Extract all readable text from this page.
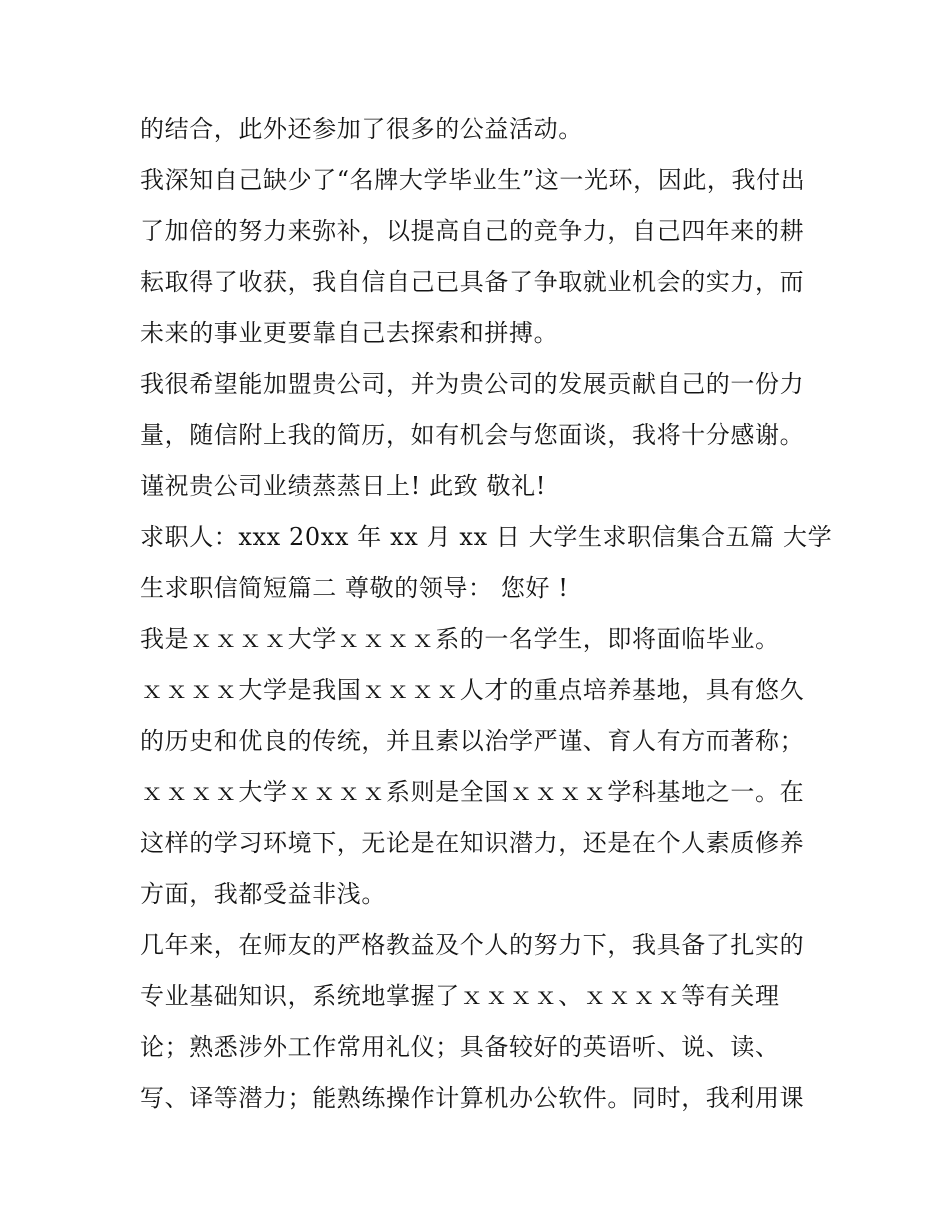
的结合，此外还参加了很多的公益活动。
我深知自己缺少了“名牌大学毕业生”这一光环，因此，我付出
了加倍的努力来弥补，以提高自己的竞争力，自己四年来的耕
耘取得了收获，我自信自己已具备了争取就业机会的实力，而
未来的事业更要靠自己去探索和拼搏。
我很希望能加盟贵公司，并为贵公司的发展贡献自己的一份力
量，随信附上我的简历，如有机会与您面谈，我将十分感谢。
谨祝贵公司业绩蒸蒸日上! 此致 敬礼!
求职人：xxx 20xx 年 xx 月 xx 日 大学生求职信集合五篇 大学
生求职信简短篇二 尊敬的领导： 您好 !
我是ｘｘｘｘ大学ｘｘｘｘ系的一名学生，即将面临毕业。
ｘｘｘｘ大学是我国ｘｘｘｘ人才的重点培养基地，具有悠久
的历史和优良的传统，并且素以治学严谨、育人有方而著称；
ｘｘｘｘ大学ｘｘｘｘ系则是全国ｘｘｘｘ学科基地之一。在
这样的学习环境下，无论是在知识潜力，还是在个人素质修养
方面，我都受益非浅。
几年来，在师友的严格教益及个人的努力下，我具备了扎实的
专业基础知识，系统地掌握了ｘｘｘｘ、ｘｘｘｘ等有关理
论；熟悉涉外工作常用礼仪；具备较好的英语听、说、读、
写、译等潜力；能熟练操作计算机办公软件。同时，我利用课
